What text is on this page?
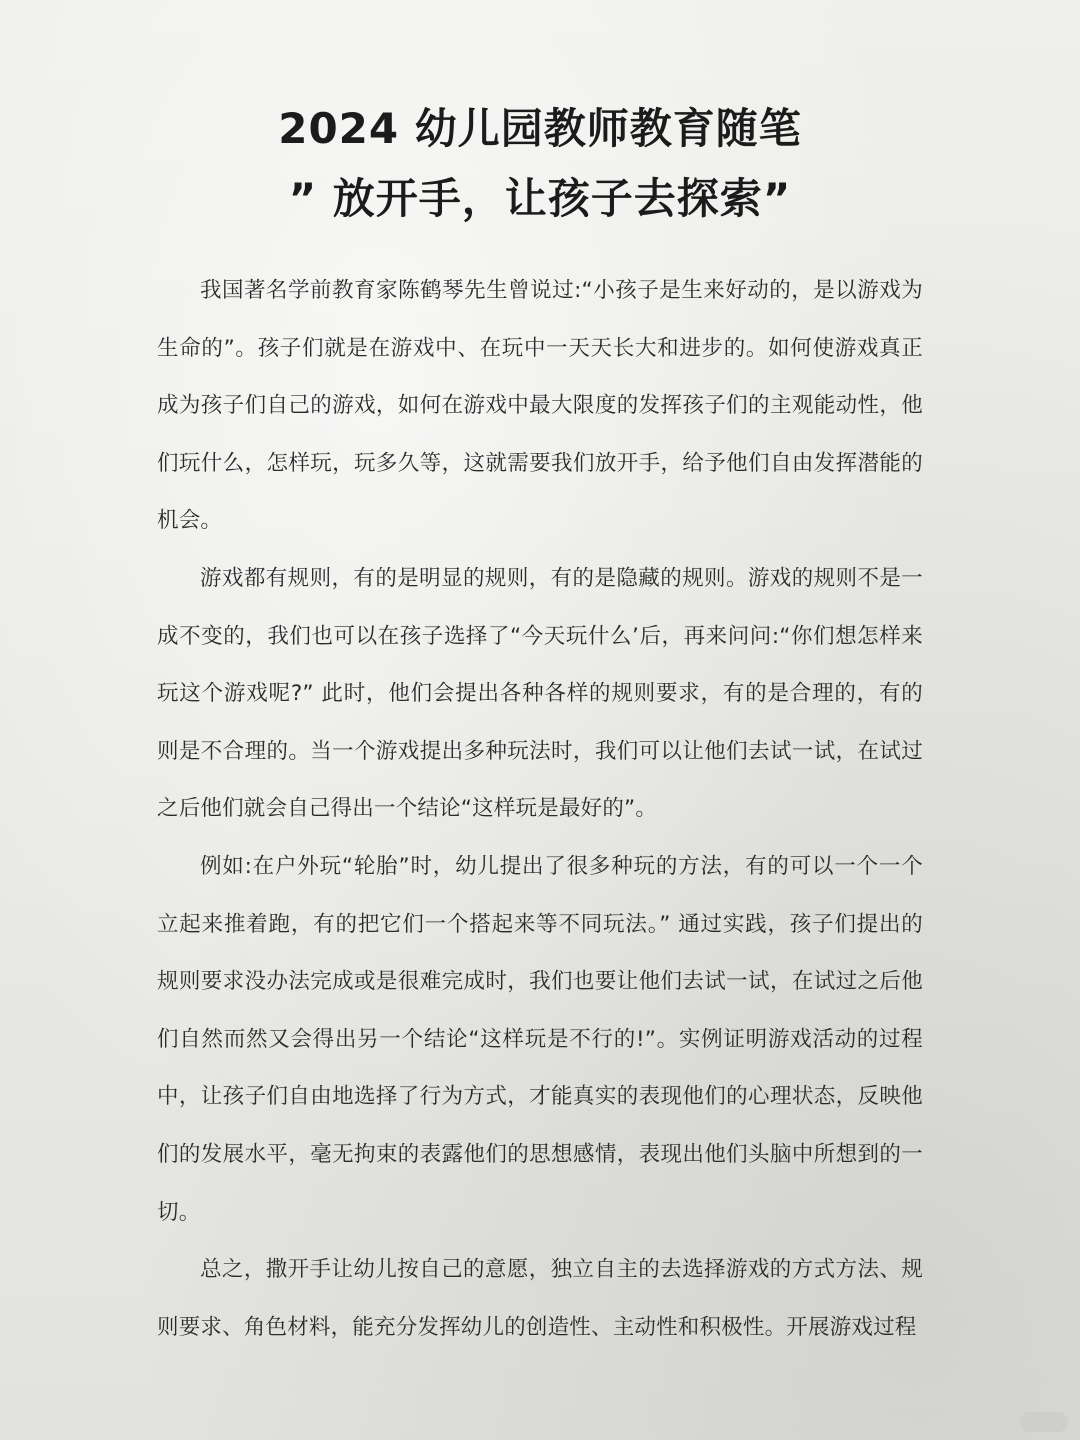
2024 幼儿园教师教育随笔
” 放开手，让孩子去探索”

我国著名学前教育家陈鹤琴先生曾说过:“小孩子是生来好动的，是以游戏为生命的”。孩子们就是在游戏中、在玩中一天天长大和进步的。如何使游戏真正成为孩子们自己的游戏，如何在游戏中最大限度的发挥孩子们的主观能动性，他们玩什么，怎样玩，玩多久等，这就需要我们放开手，给予他们自由发挥潜能的机会。

游戏都有规则，有的是明显的规则，有的是隐藏的规则。游戏的规则不是一成不变的，我们也可以在孩子选择了“今天玩什么’后，再来问问:“你们想怎样来玩这个游戏呢?” 此时，他们会提出各种各样的规则要求，有的是合理的，有的则是不合理的。当一个游戏提出多种玩法时，我们可以让他们去试一试，在试过之后他们就会自己得出一个结论“这样玩是最好的”。

例如:在户外玩“轮胎”时，幼儿提出了很多种玩的方法，有的可以一个一个立起来推着跑，有的把它们一个搭起来等不同玩法。” 通过实践，孩子们提出的规则要求没办法完成或是很难完成时，我们也要让他们去试一试，在试过之后他们自然而然又会得出另一个结论“这样玩是不行的!”。实例证明游戏活动的过程中，让孩子们自由地选择了行为方式，才能真实的表现他们的心理状态，反映他们的发展水平，毫无拘束的表露他们的思想感情，表现出他们头脑中所想到的一切。

总之，撒开手让幼儿按自己的意愿，独立自主的去选择游戏的方式方法、规则要求、角色材料，能充分发挥幼儿的创造性、主动性和积极性。开展游戏过程
